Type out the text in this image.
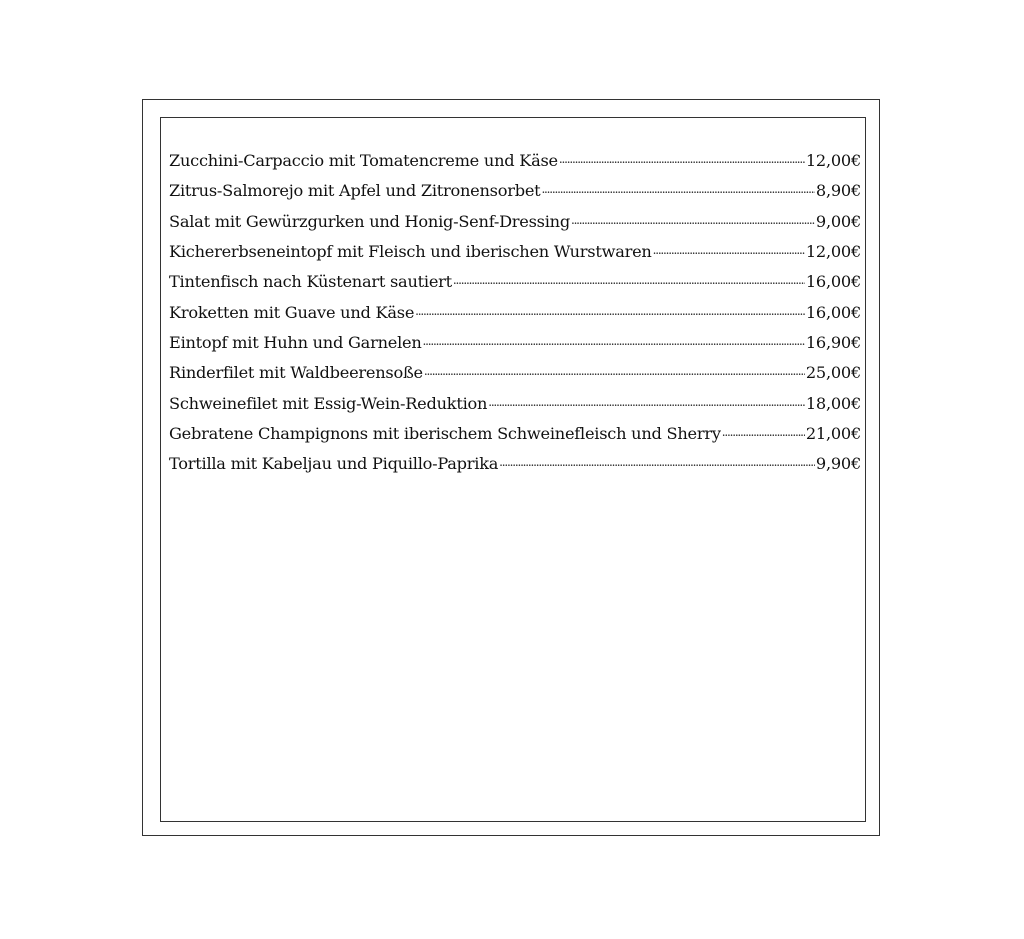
Zucchini-Carpaccio mit Tomatencreme und Käse .....	12,00€
Zitrus-Salmorejo mit Apfel und Zitronensorbet .....	8,90€
Salat mit Gewürzgurken und Honig-Senf-Dressing .....	9,00€
Kichererbseneintopf mit Fleisch und iberischen Wurstwaren .....	12,00€
Tintenfisch nach Küstenart sautiert .....	16,00€
Kroketten mit Guave und Käse .....	16,00€
Eintopf mit Huhn und Garnelen .....	16,90€
Rinderfilet mit Waldbeerensoße .....	25,00€
Schweinefilet mit Essig-Wein-Reduktion .....	18,00€
Gebratene Champignons mit iberischem Schweinefleisch und Sherry .....	21,00€
Tortilla mit Kabeljau und Piquillo-Paprika .....	9,90€
